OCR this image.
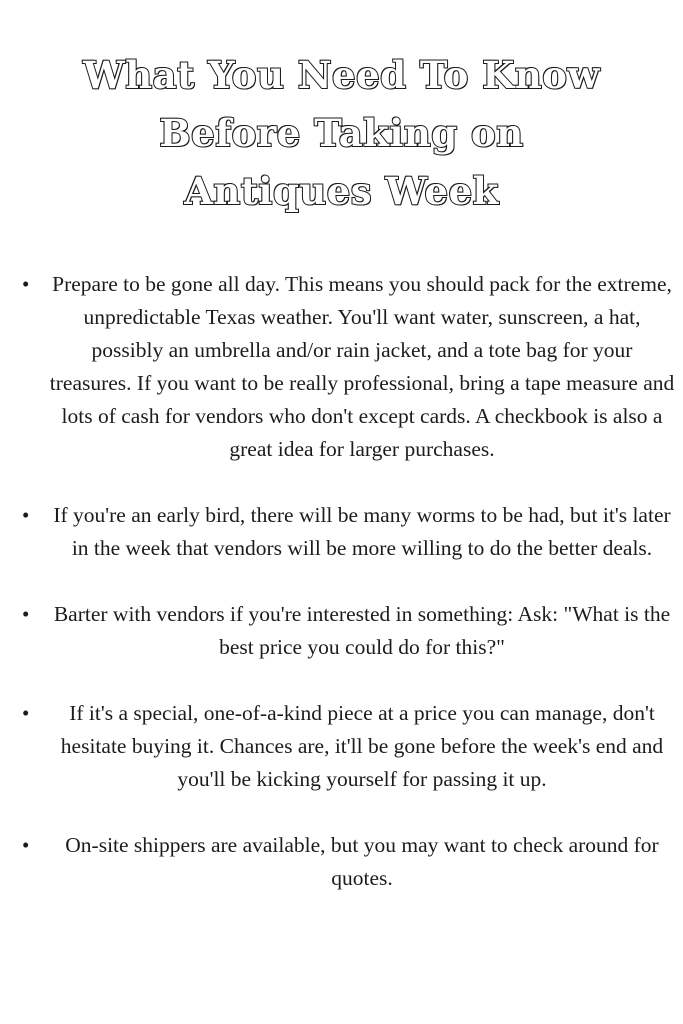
What You Need To Know
Before Taking on
Antiques Week
• Prepare to be gone all day. This means you should pack for the extreme, unpredictable Texas weather. You'll want water, sunscreen, a hat, possibly an umbrella and/or rain jacket, and a tote bag for your treasures. If you want to be really professional, bring a tape measure and lots of cash for vendors who don't except cards. A checkbook is also a great idea for larger purchases.
• If you're an early bird, there will be many worms to be had, but it's later in the week that vendors will be more willing to do the better deals.
• Barter with vendors if you're interested in something: Ask: "What is the best price you could do for this?"
•	If it's a special, one-of-a-kind piece at a price you can manage, don't hesitate buying it. Chances are, it'll be gone before the week's end and you'll be kicking yourself for passing it up.
•	On-site shippers are available, but you may want to check around for quotes.
